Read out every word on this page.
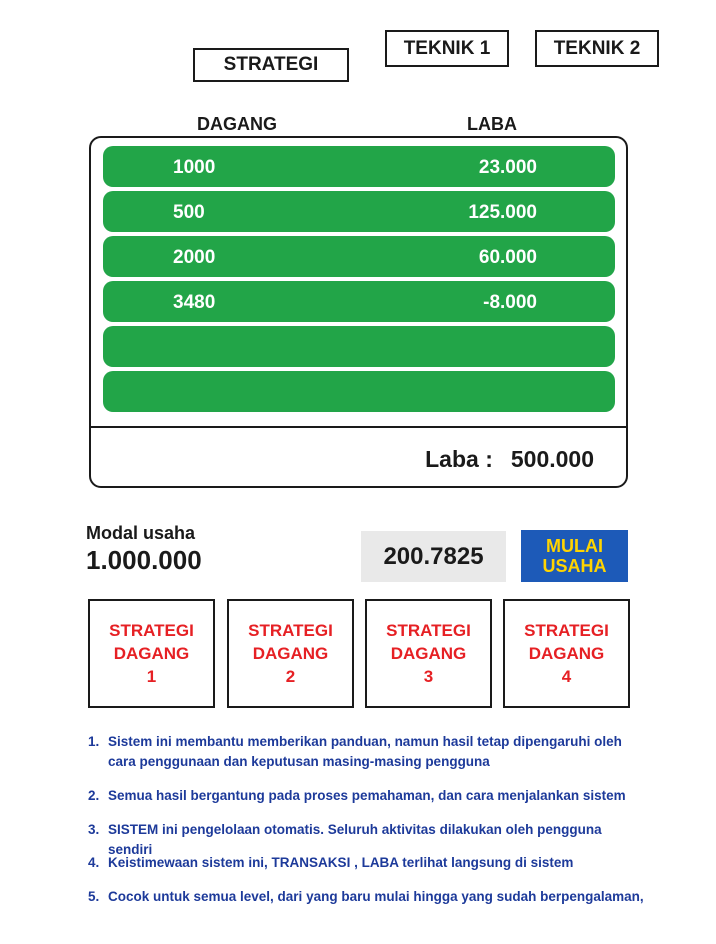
STRATEGI
TEKNIK 1	TEKNIK 2
DAGANG	LABA
1000	23.000
500	125.000
2000	60.000
3480	-8.000
Laba : 500.000
Modal usaha
1.000.000	200.7825	MULAI
USAHA
STRATEGI
DAGANG
1
STRATEGI
DAGANG
2
STRATEGI
DAGANG
3
STRATEGI
DAGANG
4
1. Sistem ini membantu memberikan panduan, namun hasil tetap dipengaruhi oleh cara penggunaan dan keputusan masing-masing pengguna
2. Semua hasil bergantung pada proses pemahaman, dan cara menjalankan sistem
3. SISTEM ini pengelolaan otomatis. Seluruh aktivitas dilakukan oleh pengguna sendiri
4. Keistimewaan sistem ini, TRANSAKSI , LABA terlihat langsung di sistem
5. Cocok untuk semua level, dari yang baru mulai hingga yang sudah berpengalaman,
